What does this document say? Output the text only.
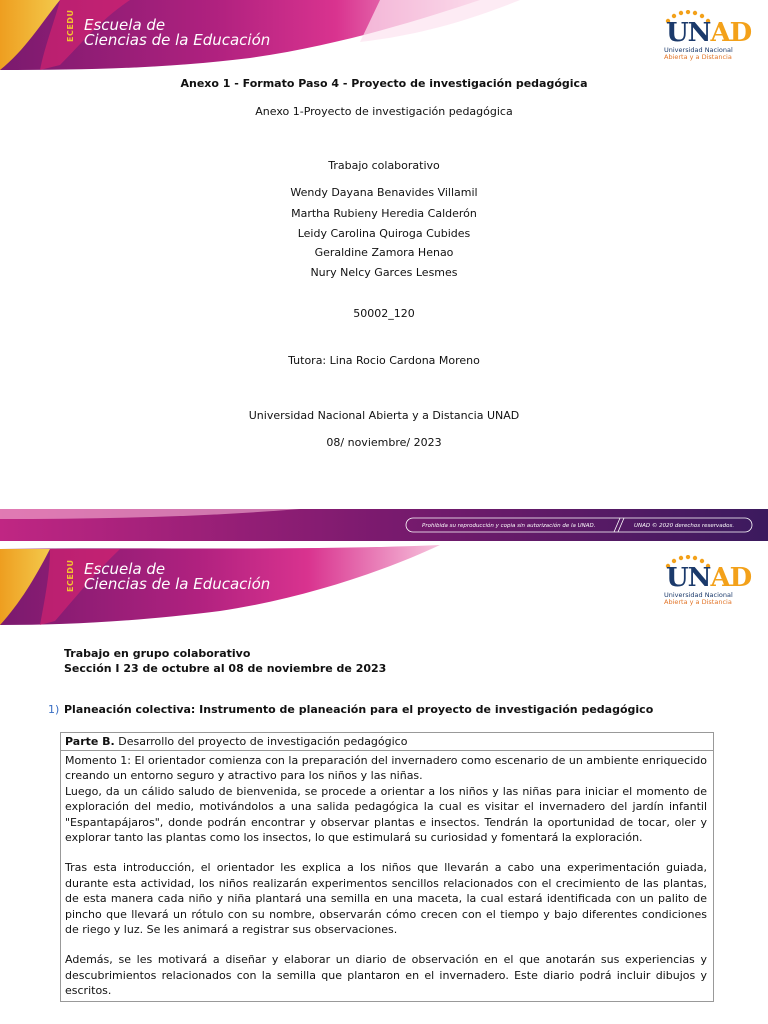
ECEDU Escuela de
Ciencias de la Educación	UNAD
Universidad Nacional
Abierta y a Distancia
Anexo 1 - Formato Paso 4 - Proyecto de investigación pedagógica
Anexo 1-Proyecto de investigación pedagógica
Trabajo colaborativo
Wendy Dayana Benavides Villamil
Martha Rubieny Heredia Calderón
Leidy Carolina Quiroga Cubides
Geraldine Zamora Henao
Nury Nelcy Garces Lesmes
50002_120
Tutora: Lina Rocio Cardona Moreno
Universidad Nacional Abierta y a Distancia UNAD
08/ noviembre/ 2023
Prohibida su reproducción y copia sin autorización de la UNAD.	UNAD © 2020 derechos reservados.
ECEDU Escuela de
Ciencias de la Educación	UNAD
Universidad Nacional
Abierta y a Distancia
Trabajo en grupo colaborativo
Sección I 23 de octubre al 08 de noviembre de 2023
1) Planeación colectiva: Instrumento de planeación para el proyecto de investigación pedagógico
Parte B. Desarrollo del proyecto de investigación pedagógico

Momento 1: El orientador comienza con la preparación del invernadero como escenario de un ambiente enriquecido creando un entorno seguro y atractivo para los niños y las niñas.

Luego, da un cálido saludo de bienvenida, se procede a orientar a los niños y las niñas para iniciar el momento de exploración del medio, motivándolos a una salida pedagógica la cual es visitar el invernadero del jardín infantil "Espantapájaros", donde podrán encontrar y observar plantas e insectos. Tendrán la oportunidad de tocar, oler y explorar tanto las plantas como los insectos, lo que estimulará su curiosidad y fomentará la exploración.

Tras esta introducción, el orientador les explica a los niños que llevarán a cabo una experimentación guiada, durante esta actividad, los niños realizarán experimentos sencillos relacionados con el crecimiento de las plantas, de esta manera cada niño y niña plantará una semilla en una maceta, la cual estará identificada con un palito de pincho que llevará un rótulo con su nombre, observarán cómo crecen con el tiempo y bajo diferentes condiciones de riego y luz. Se les animará a registrar sus observaciones.

Además, se les motivará a diseñar y elaborar un diario de observación en el que anotarán sus experiencias y descubrimientos relacionados con la semilla que plantaron en el invernadero. Este diario podrá incluir dibujos y escritos.
